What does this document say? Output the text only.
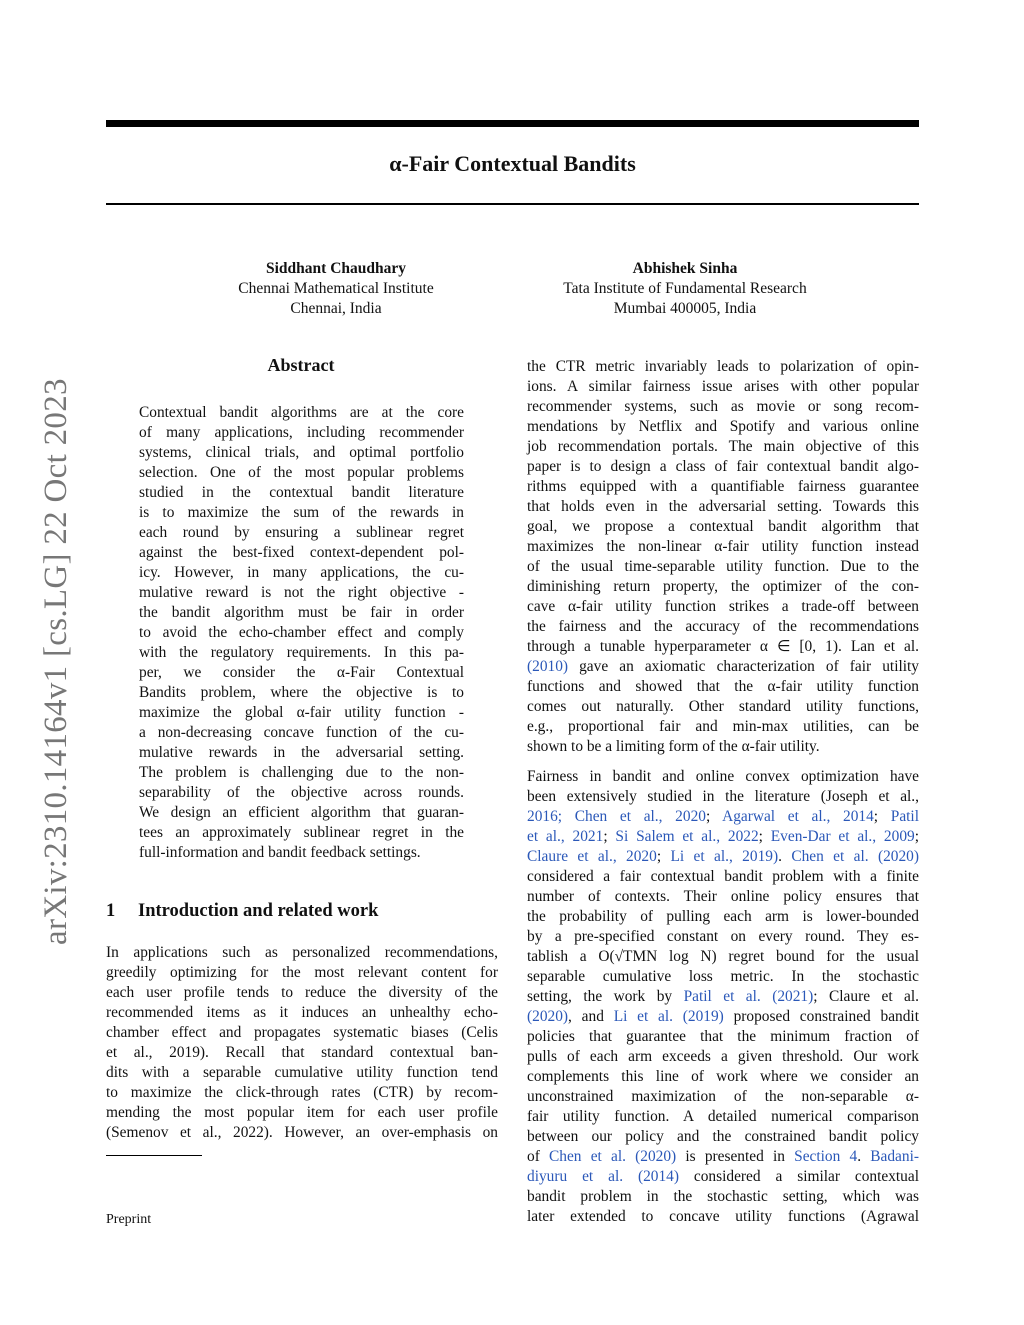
arXiv:2310.14164v1 [cs.LG] 22 Oct 2023
α-Fair Contextual Bandits
Siddhant Chaudhary
Chennai Mathematical Institute
Chennai, India
Abhishek Sinha
Tata Institute of Fundamental Research
Mumbai 400005, India
Abstract
Contextual bandit algorithms are at the core
of many applications, including recommender
systems, clinical trials, and optimal portfolio
selection. One of the most popular problems
studied in the contextual bandit literature
is to maximize the sum of the rewards in
each round by ensuring a sublinear regret
against the best-fixed context-dependent pol-
icy. However, in many applications, the cu-
mulative reward is not the right objective -
the bandit algorithm must be fair in order
to avoid the echo-chamber effect and comply
with the regulatory requirements. In this pa-
per, we consider the α-Fair Contextual
Bandits problem, where the objective is to
maximize the global α-fair utility function -
a non-decreasing concave function of the cu-
mulative rewards in the adversarial setting.
The problem is challenging due to the non-
separability of the objective across rounds.
We design an efficient algorithm that guaran-
tees an approximately sublinear regret in the
full-information and bandit feedback settings.
1 Introduction and related work
In applications such as personalized recommendations,
greedily optimizing for the most relevant content for
each user profile tends to reduce the diversity of the
recommended items as it induces an unhealthy echo-
chamber effect and propagates systematic biases (Celis
et al., 2019). Recall that standard contextual ban-
dits with a separable cumulative utility function tend
to maximize the click-through rates (CTR) by recom-
mending the most popular item for each user profile
(Semenov et al., 2022). However, an over-emphasis on
the CTR metric invariably leads to polarization of opin-
ions. A similar fairness issue arises with other popular
recommender systems, such as movie or song recom-
mendations by Netflix and Spotify and various online
job recommendation portals. The main objective of this
paper is to design a class of fair contextual bandit algo-
rithms equipped with a quantifiable fairness guarantee
that holds even in the adversarial setting. Towards this
goal, we propose a contextual bandit algorithm that
maximizes the non-linear α-fair utility function instead
of the usual time-separable utility function. Due to the
diminishing return property, the optimizer of the con-
cave α-fair utility function strikes a trade-off between
the fairness and the accuracy of the recommendations
through a tunable hyperparameter α ∈ [0, 1). Lan et al.
(2010) gave an axiomatic characterization of fair utility
functions and showed that the α-fair utility function
comes out naturally. Other standard utility functions,
e.g., proportional fair and min-max utilities, can be
shown to be a limiting form of the α-fair utility.
Fairness in bandit and online convex optimization have
been extensively studied in the literature (Joseph et al.,
2016; Chen et al., 2020; Agarwal et al., 2014; Patil
et al., 2021; Si Salem et al., 2022; Even-Dar et al., 2009;
Claure et al., 2020; Li et al., 2019). Chen et al. (2020)
considered a fair contextual bandit problem with a finite
number of contexts. Their online policy ensures that
the probability of pulling each arm is lower-bounded
by a pre-specified constant on every round. They es-
tablish a O(√TMN log N) regret bound for the usual
separable cumulative loss metric. In the stochastic
setting, the work by Patil et al. (2021); Claure et al.
(2020), and Li et al. (2019) proposed constrained bandit
policies that guarantee that the minimum fraction of
pulls of each arm exceeds a given threshold. Our work
complements this line of work where we consider an
unconstrained maximization of the non-separable α-
fair utility function. A detailed numerical comparison
between our policy and the constrained bandit policy
of Chen et al. (2020) is presented in Section 4. Badani-
diyuru et al. (2014) considered a similar contextual
bandit problem in the stochastic setting, which was
later extended to concave utility functions (Agrawal
Preprint
